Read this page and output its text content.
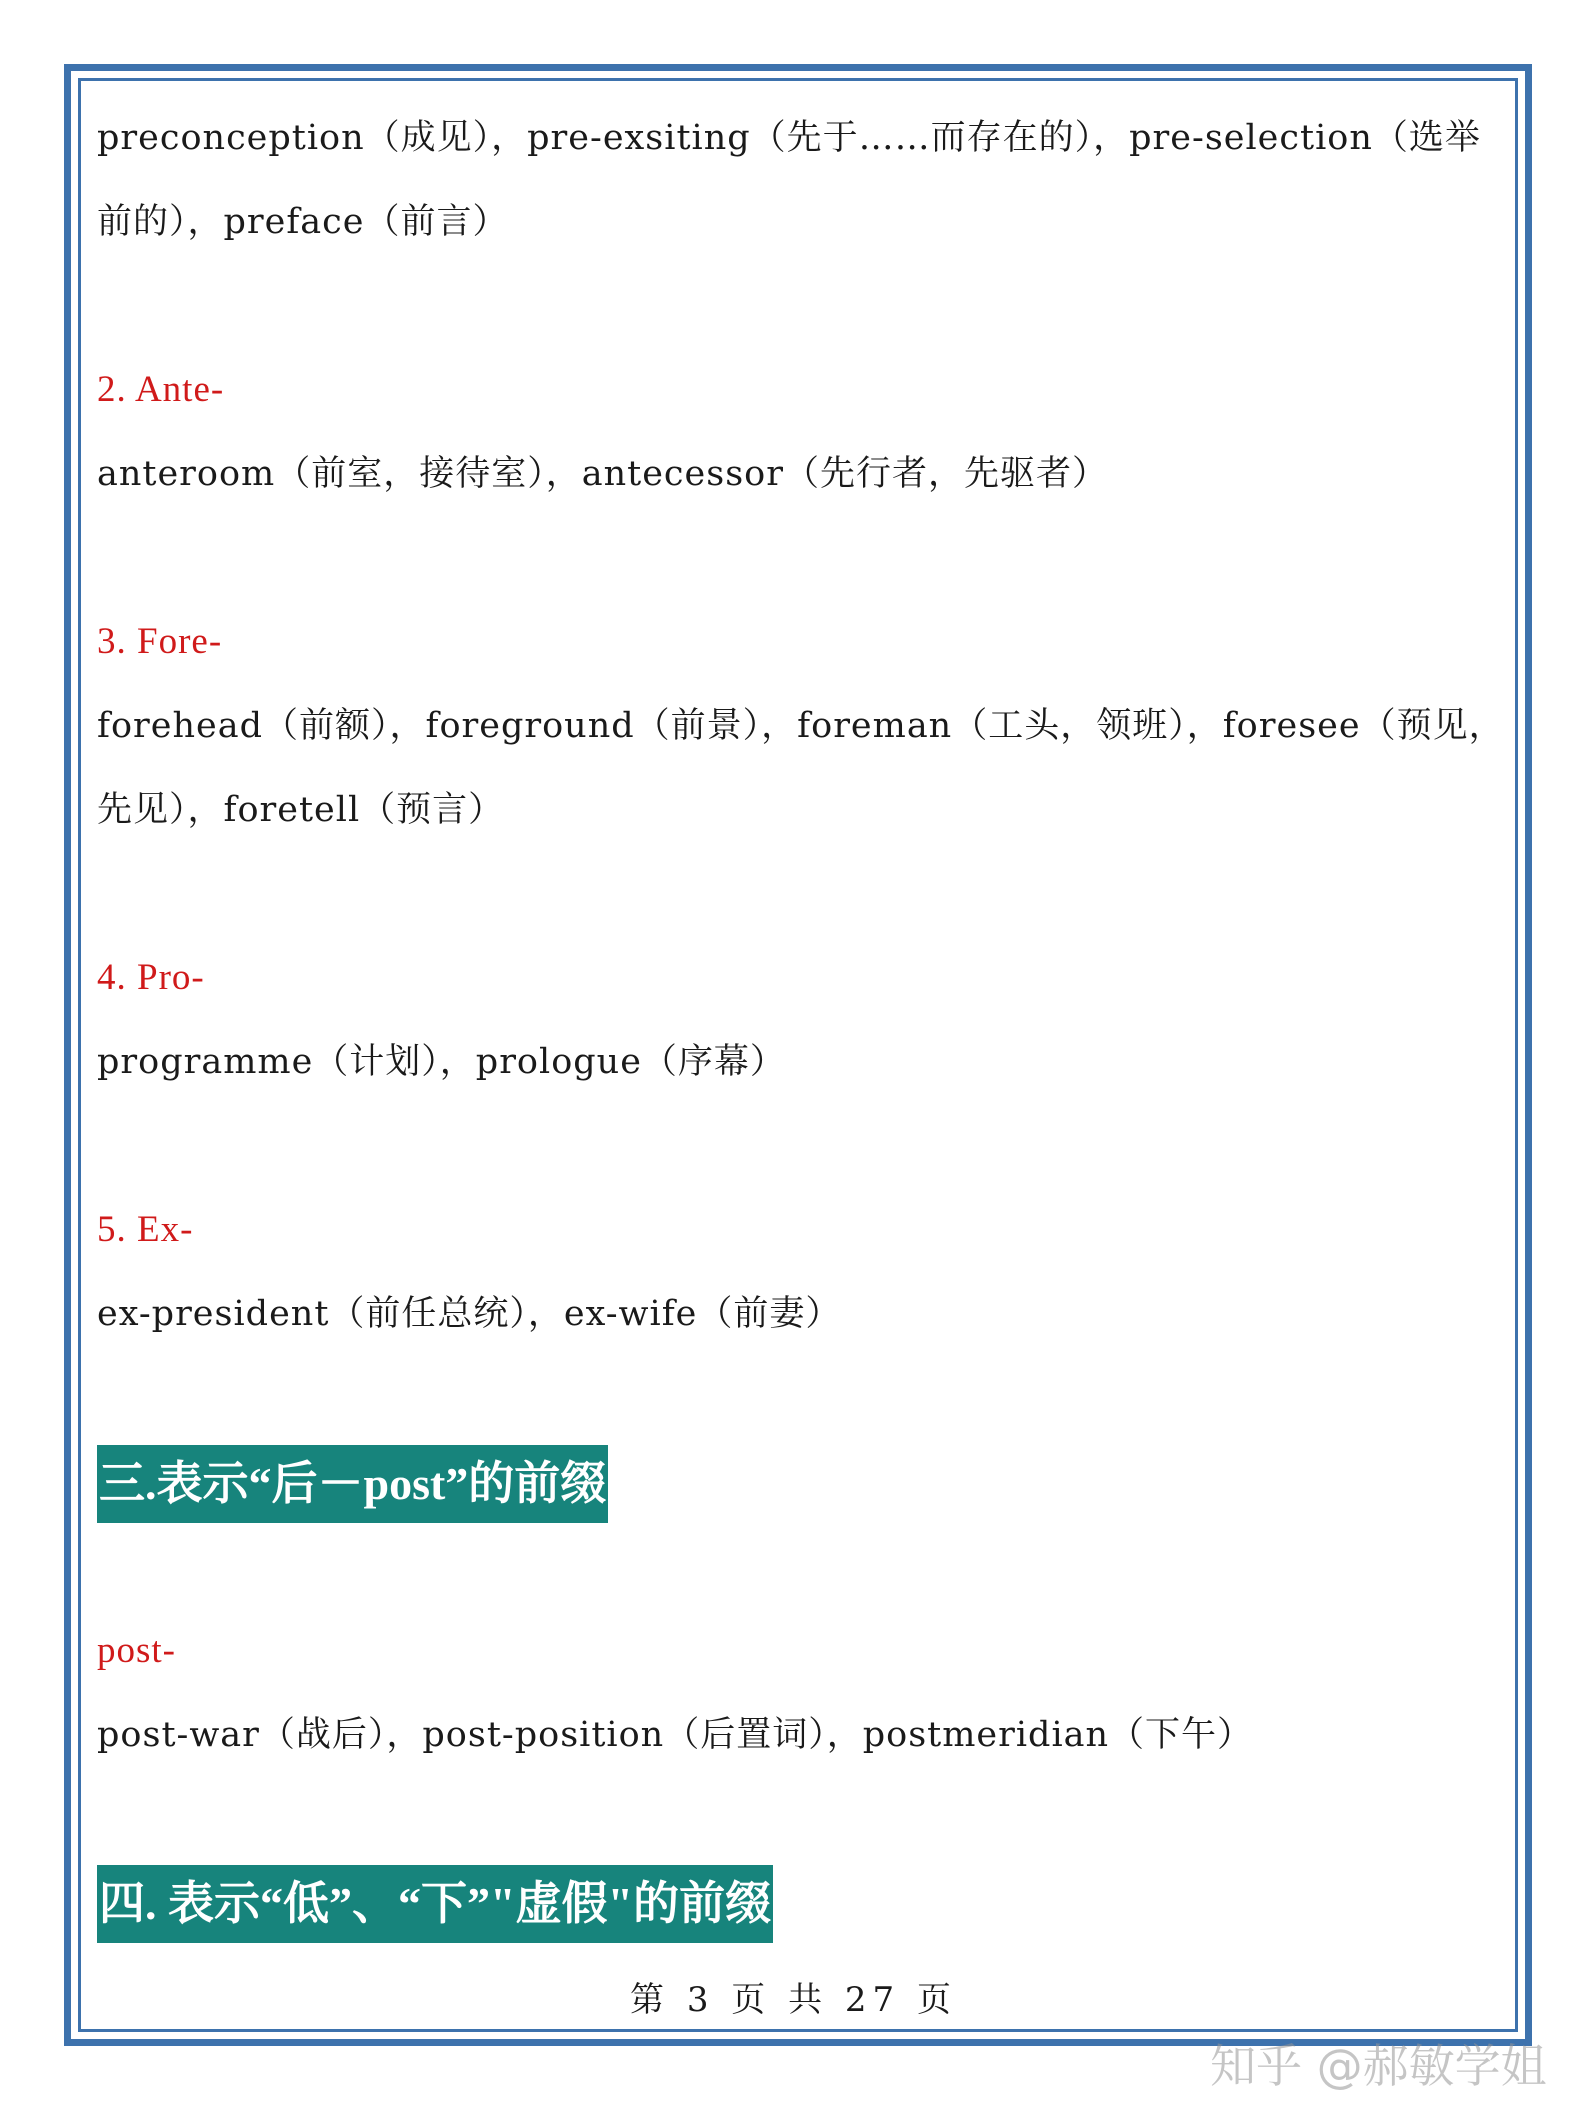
preconception（成见），pre-exsiting（先于……而存在的），pre-selection（选举
前的），preface（前言）
2. Ante-
anteroom（前室，接待室），antecessor（先行者，先驱者）
3. Fore-
forehead（前额），foreground（前景），foreman（工头，领班），foresee（预见，
先见），foretell（预言）
4. Pro-
programme（计划），prologue（序幕）
5. Ex-
ex-president（前任总统），ex-wife（前妻）
三.表示“后－post”的前缀
post-
post-war（战后），post-position（后置词），postmeridian（下午）
四. 表示“低”、“下”"虚假"的前缀
第 3 页 共 27 页
知乎 @郝敏学姐
